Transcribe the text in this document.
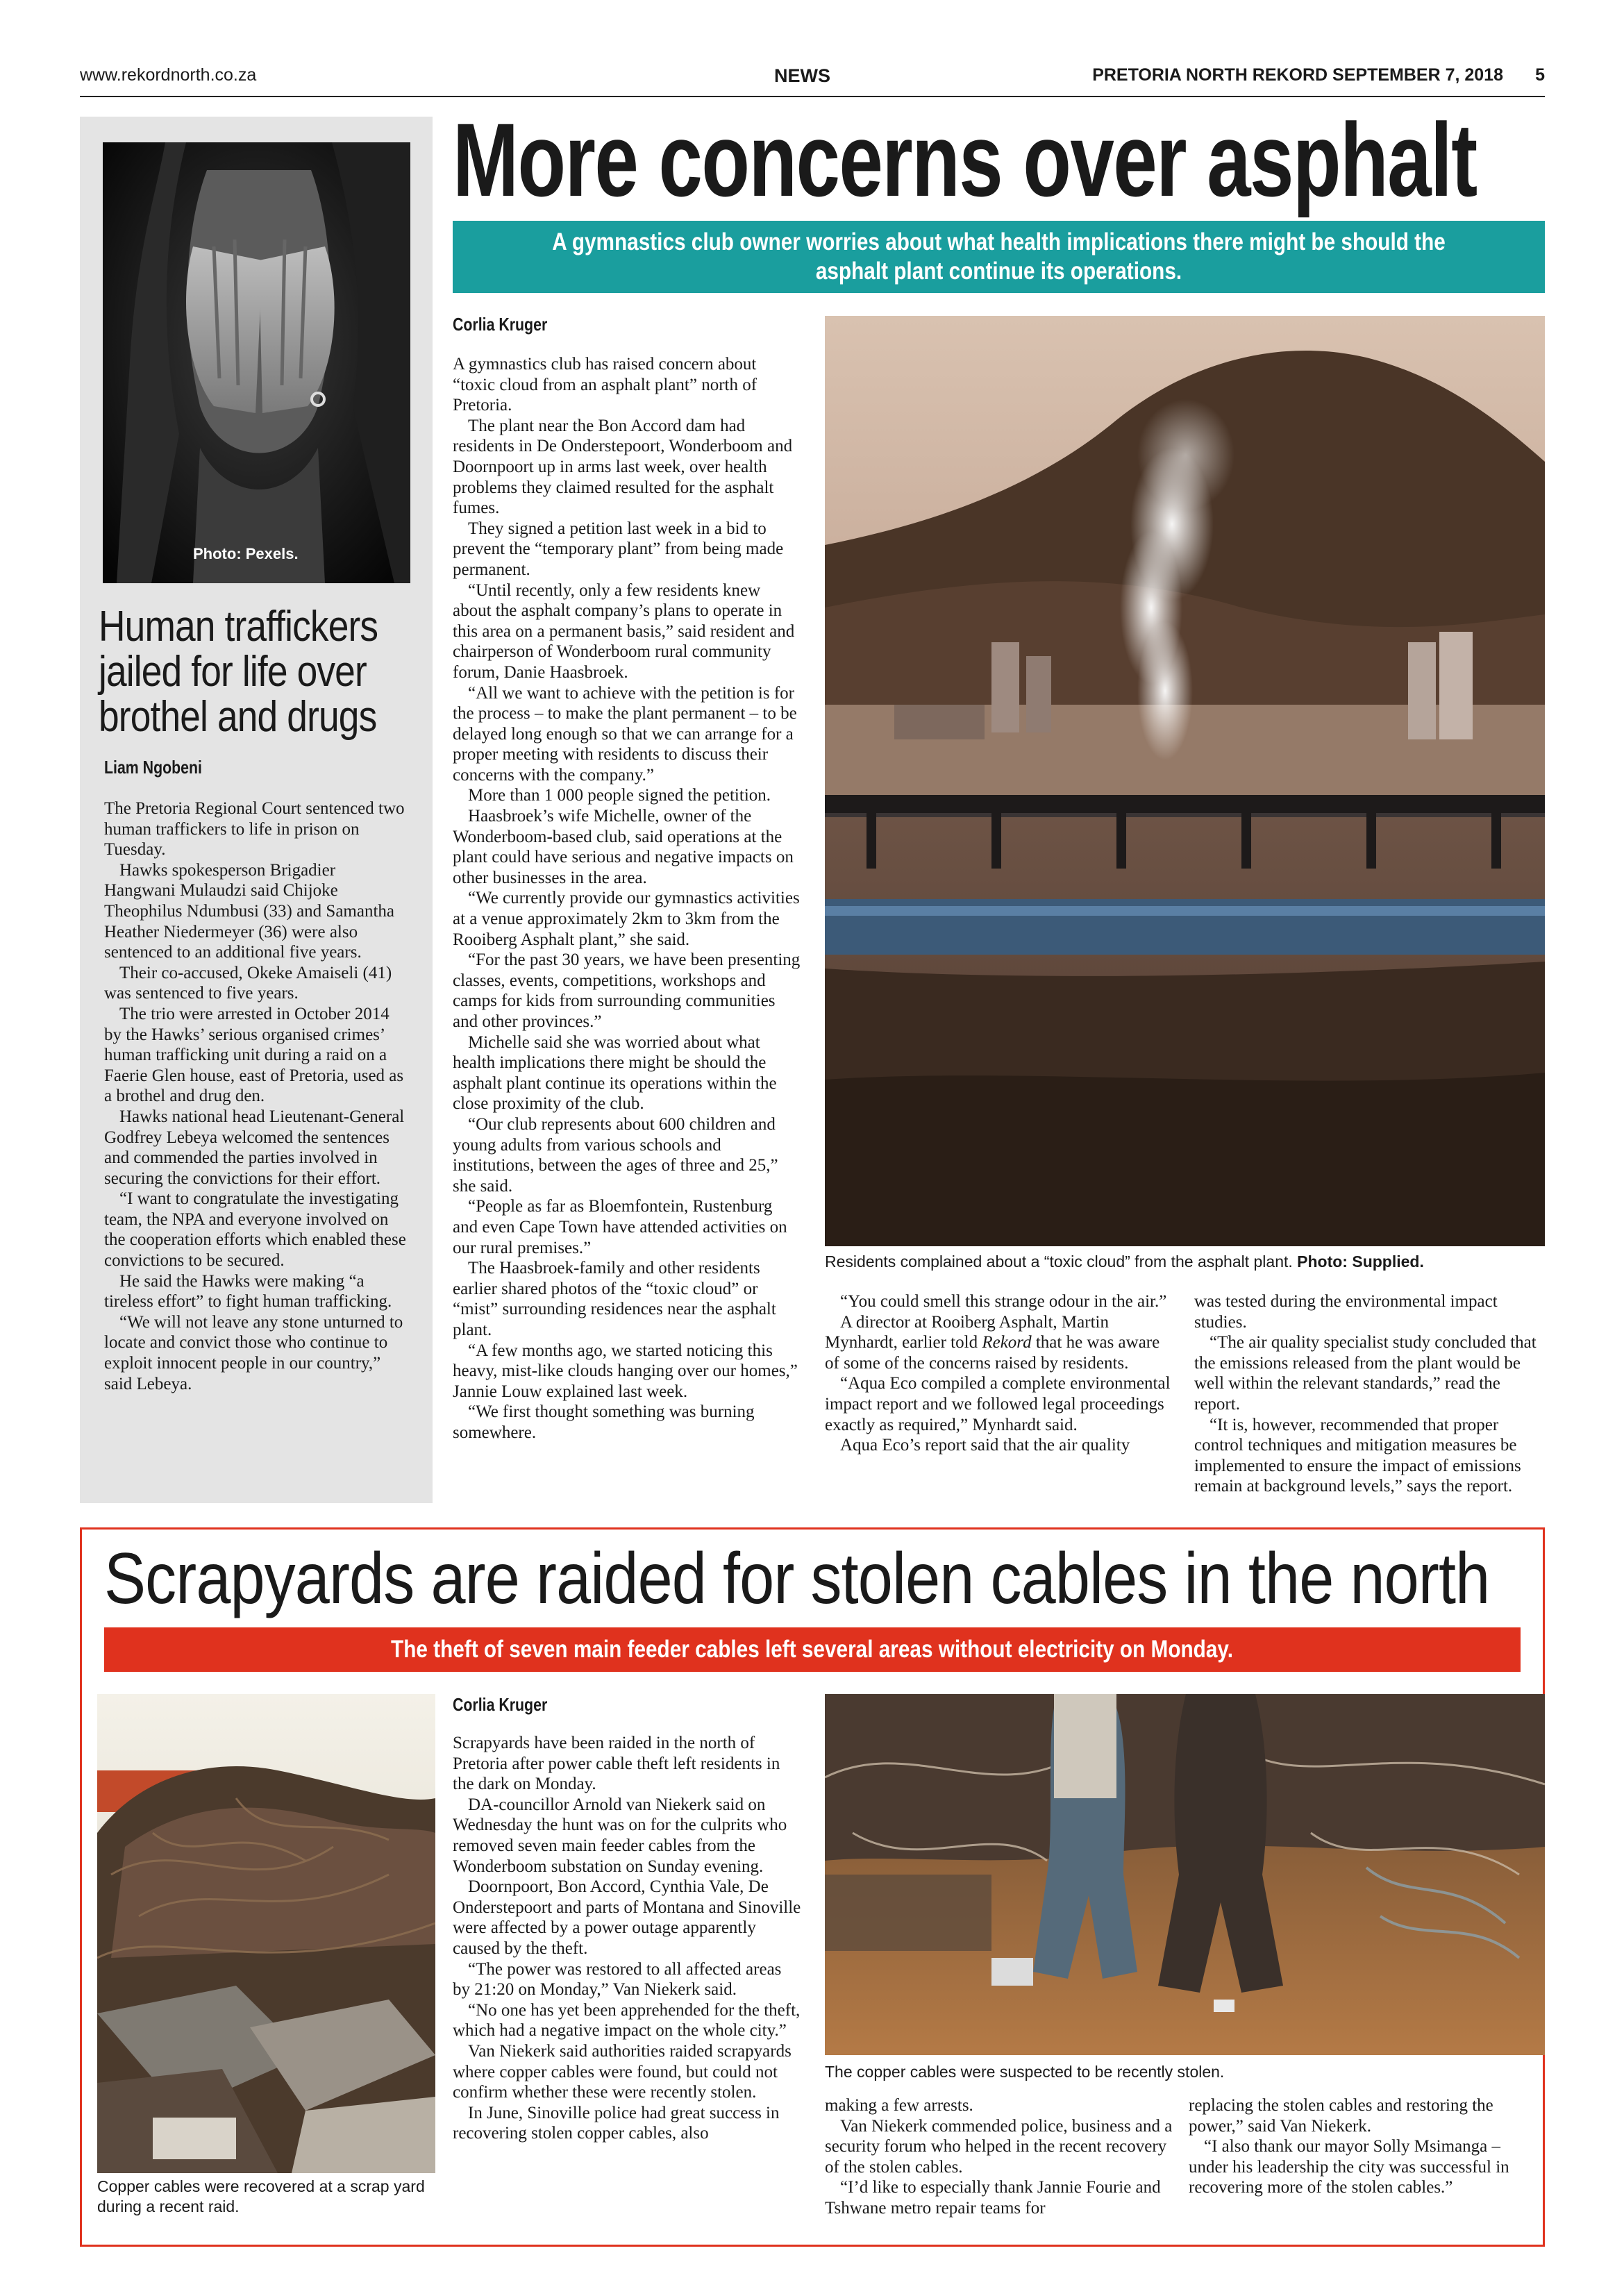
www.rekordnorth.co.za	NEWS	PRETORIA NORTH REKORD SEPTEMBER 7, 2018 5
Photo: Pexels.
Human traffickers jailed for life over brothel and drugs
Liam Ngobeni

The Pretoria Regional Court sentenced two human traffickers to life in prison on Tuesday.

Hawks spokesperson Brigadier Hangwani Mulaudzi said Chijoke Theophilus Ndumbusi (33) and Samantha Heather Niedermeyer (36) were also sentenced to an additional five years.

Their co-accused, Okeke Amaiseli (41) was sentenced to five years.

The trio were arrested in October 2014 by the Hawks’ serious organised crimes’ human trafficking unit during a raid on a Faerie Glen house, east of Pretoria, used as a brothel and drug den.

Hawks national head Lieutenant-General Godfrey Lebeya welcomed the sentences and commended the parties involved in securing the convictions for their effort.

“I want to congratulate the investigating team, the NPA and everyone involved on the cooperation efforts which enabled these convictions to be secured.

He said the Hawks were making “a tireless effort” to fight human trafficking.

“We will not leave any stone unturned to locate and convict those who continue to exploit innocent people in our country,” said Lebeya.

More concerns over asphalt
A gymnastics club owner worries about what health implications there might be should the asphalt plant continue its operations.
Corlia Kruger

A gymnastics club has raised concern about “toxic cloud from an asphalt plant” north of Pretoria.

The plant near the Bon Accord dam had residents in De Onderstepoort, Wonderboom and Doornpoort up in arms last week, over health problems they claimed resulted for the asphalt fumes.

They signed a petition last week in a bid to prevent the “temporary plant” from being made permanent.

“Until recently, only a few residents knew about the asphalt company’s plans to operate in this area on a permanent basis,” said resident and chairperson of Wonderboom rural community forum, Danie Haasbroek.

“All we want to achieve with the petition is for the process – to make the plant permanent – to be delayed long enough so that we can arrange for a proper meeting with residents to discuss their concerns with the company.”

More than 1 000 people signed the petition.

Haasbroek’s wife Michelle, owner of the Wonderboom-based club, said operations at the plant could have serious and negative impacts on other businesses in the area.

“We currently provide our gymnastics activities at a venue approximately 2km to 3km from the Rooiberg Asphalt plant,” she said.

“For the past 30 years, we have been presenting classes, events, competitions, workshops and camps for kids from surrounding communities and other provinces.”

Michelle said she was worried about what health implications there might be should the asphalt plant continue its operations within the close proximity of the club.

“Our club represents about 600 children and young adults from various schools and institutions, between the ages of three and 25,” she said.

“People as far as Bloemfontein, Rustenburg and even Cape Town have attended activities on our rural premises.”

The Haasbroek-family and other residents earlier shared photos of the “toxic cloud” or “mist” surrounding residences near the asphalt plant.

“A few months ago, we started noticing this heavy, mist-like clouds hanging over our homes,” Jannie Louw explained last week.

“We first thought something was burning somewhere.

Residents complained about a “toxic cloud” from the asphalt plant. Photo: Supplied.

“You could smell this strange odour in the air.”

A director at Rooiberg Asphalt, Martin Mynhardt, earlier told Rekord that he was aware of some of the concerns raised by residents.

“Aqua Eco compiled a complete environmental impact report and we followed legal proceedings exactly as required,” Mynhardt said.

Aqua Eco’s report said that the air quality

was tested during the environmental impact studies.

“The air quality specialist study concluded that the emissions released from the plant would be well within the relevant standards,” read the report.

“It is, however, recommended that proper control techniques and mitigation measures be implemented to ensure the impact of emissions remain at background levels,” says the report.

Scrapyards are raided for stolen cables in the north
The theft of seven main feeder cables left several areas without electricity on Monday.
Copper cables were recovered at a scrap yard during a recent raid.
Corlia Kruger

Scrapyards have been raided in the north of Pretoria after power cable theft left residents in the dark on Monday.

DA-councillor Arnold van Niekerk said on Wednesday the hunt was on for the culprits who removed seven main feeder cables from the Wonderboom substation on Sunday evening.

Doornpoort, Bon Accord, Cynthia Vale, De Onderstepoort and parts of Montana and Sinoville were affected by a power outage apparently caused by the theft.

“The power was restored to all affected areas by 21:20 on Monday,” Van Niekerk said.

“No one has yet been apprehended for the theft, which had a negative impact on the whole city.”

Van Niekerk said authorities raided scrapyards where copper cables were found, but could not confirm whether these were recently stolen.

In June, Sinoville police had great success in recovering stolen copper cables, also

The copper cables were suspected to be recently stolen.

making a few arrests.

Van Niekerk commended police, business and a security forum who helped in the recent recovery of the stolen cables.

“I’d like to especially thank Jannie Fourie and Tshwane metro repair teams for

replacing the stolen cables and restoring the power,” said Van Niekerk.

“I also thank our mayor Solly Msimanga – under his leadership the city was successful in recovering more of the stolen cables.”
